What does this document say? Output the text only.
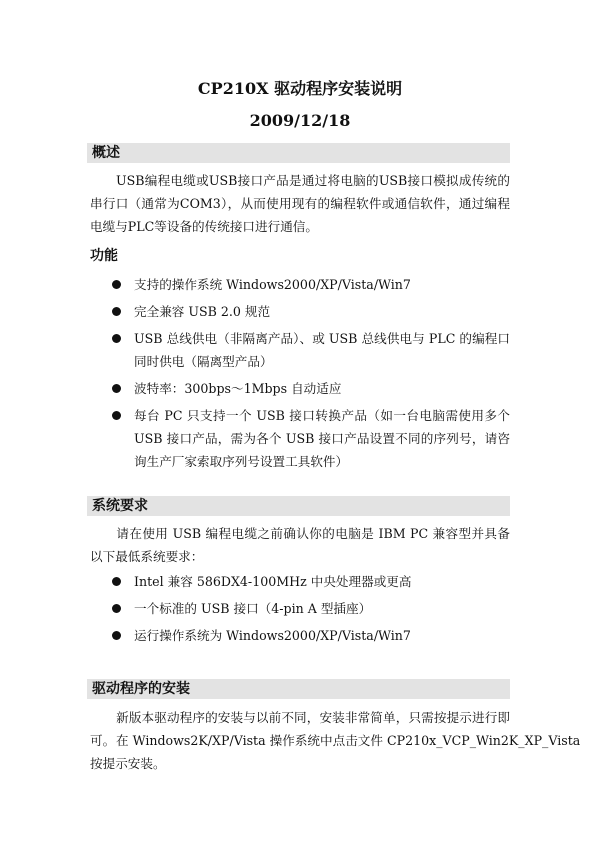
CP210X 驱动程序安装说明
2009/12/18
概述
USB编程电缆或USB接口产品是通过将电脑的USB接口模拟成传统的串行口（通常为COM3），从而使用现有的编程软件或通信软件，通过编程电缆与PLC等设备的传统接口进行通信。
功能
支持的操作系统 Windows2000/XP/Vista/Win7
完全兼容 USB 2.0 规范
USB 总线供电（非隔离产品）、或 USB 总线供电与 PLC 的编程口同时供电（隔离型产品）
波特率：300bps～1Mbps 自动适应
每台 PC 只支持一个 USB 接口转换产品（如一台电脑需使用多个 USB 接口产品，需为各个 USB 接口产品设置不同的序列号，请咨询生产厂家索取序列号设置工具软件）
系统要求
请在使用 USB 编程电缆之前确认你的电脑是 IBM PC 兼容型并具备以下最低系统要求：
Intel 兼容 586DX4-100MHz 中央处理器或更高
一个标准的 USB 接口（4-pin A 型插座）
运行操作系统为 Windows2000/XP/Vista/Win7
驱动程序的安装
新版本驱动程序的安装与以前不同，安装非常简单，只需按提示进行即可。 在 Windows2K/XP/Vista 操作系统中点击文件 CP210x_VCP_Win2K_XP_Vista
按提示安装。
